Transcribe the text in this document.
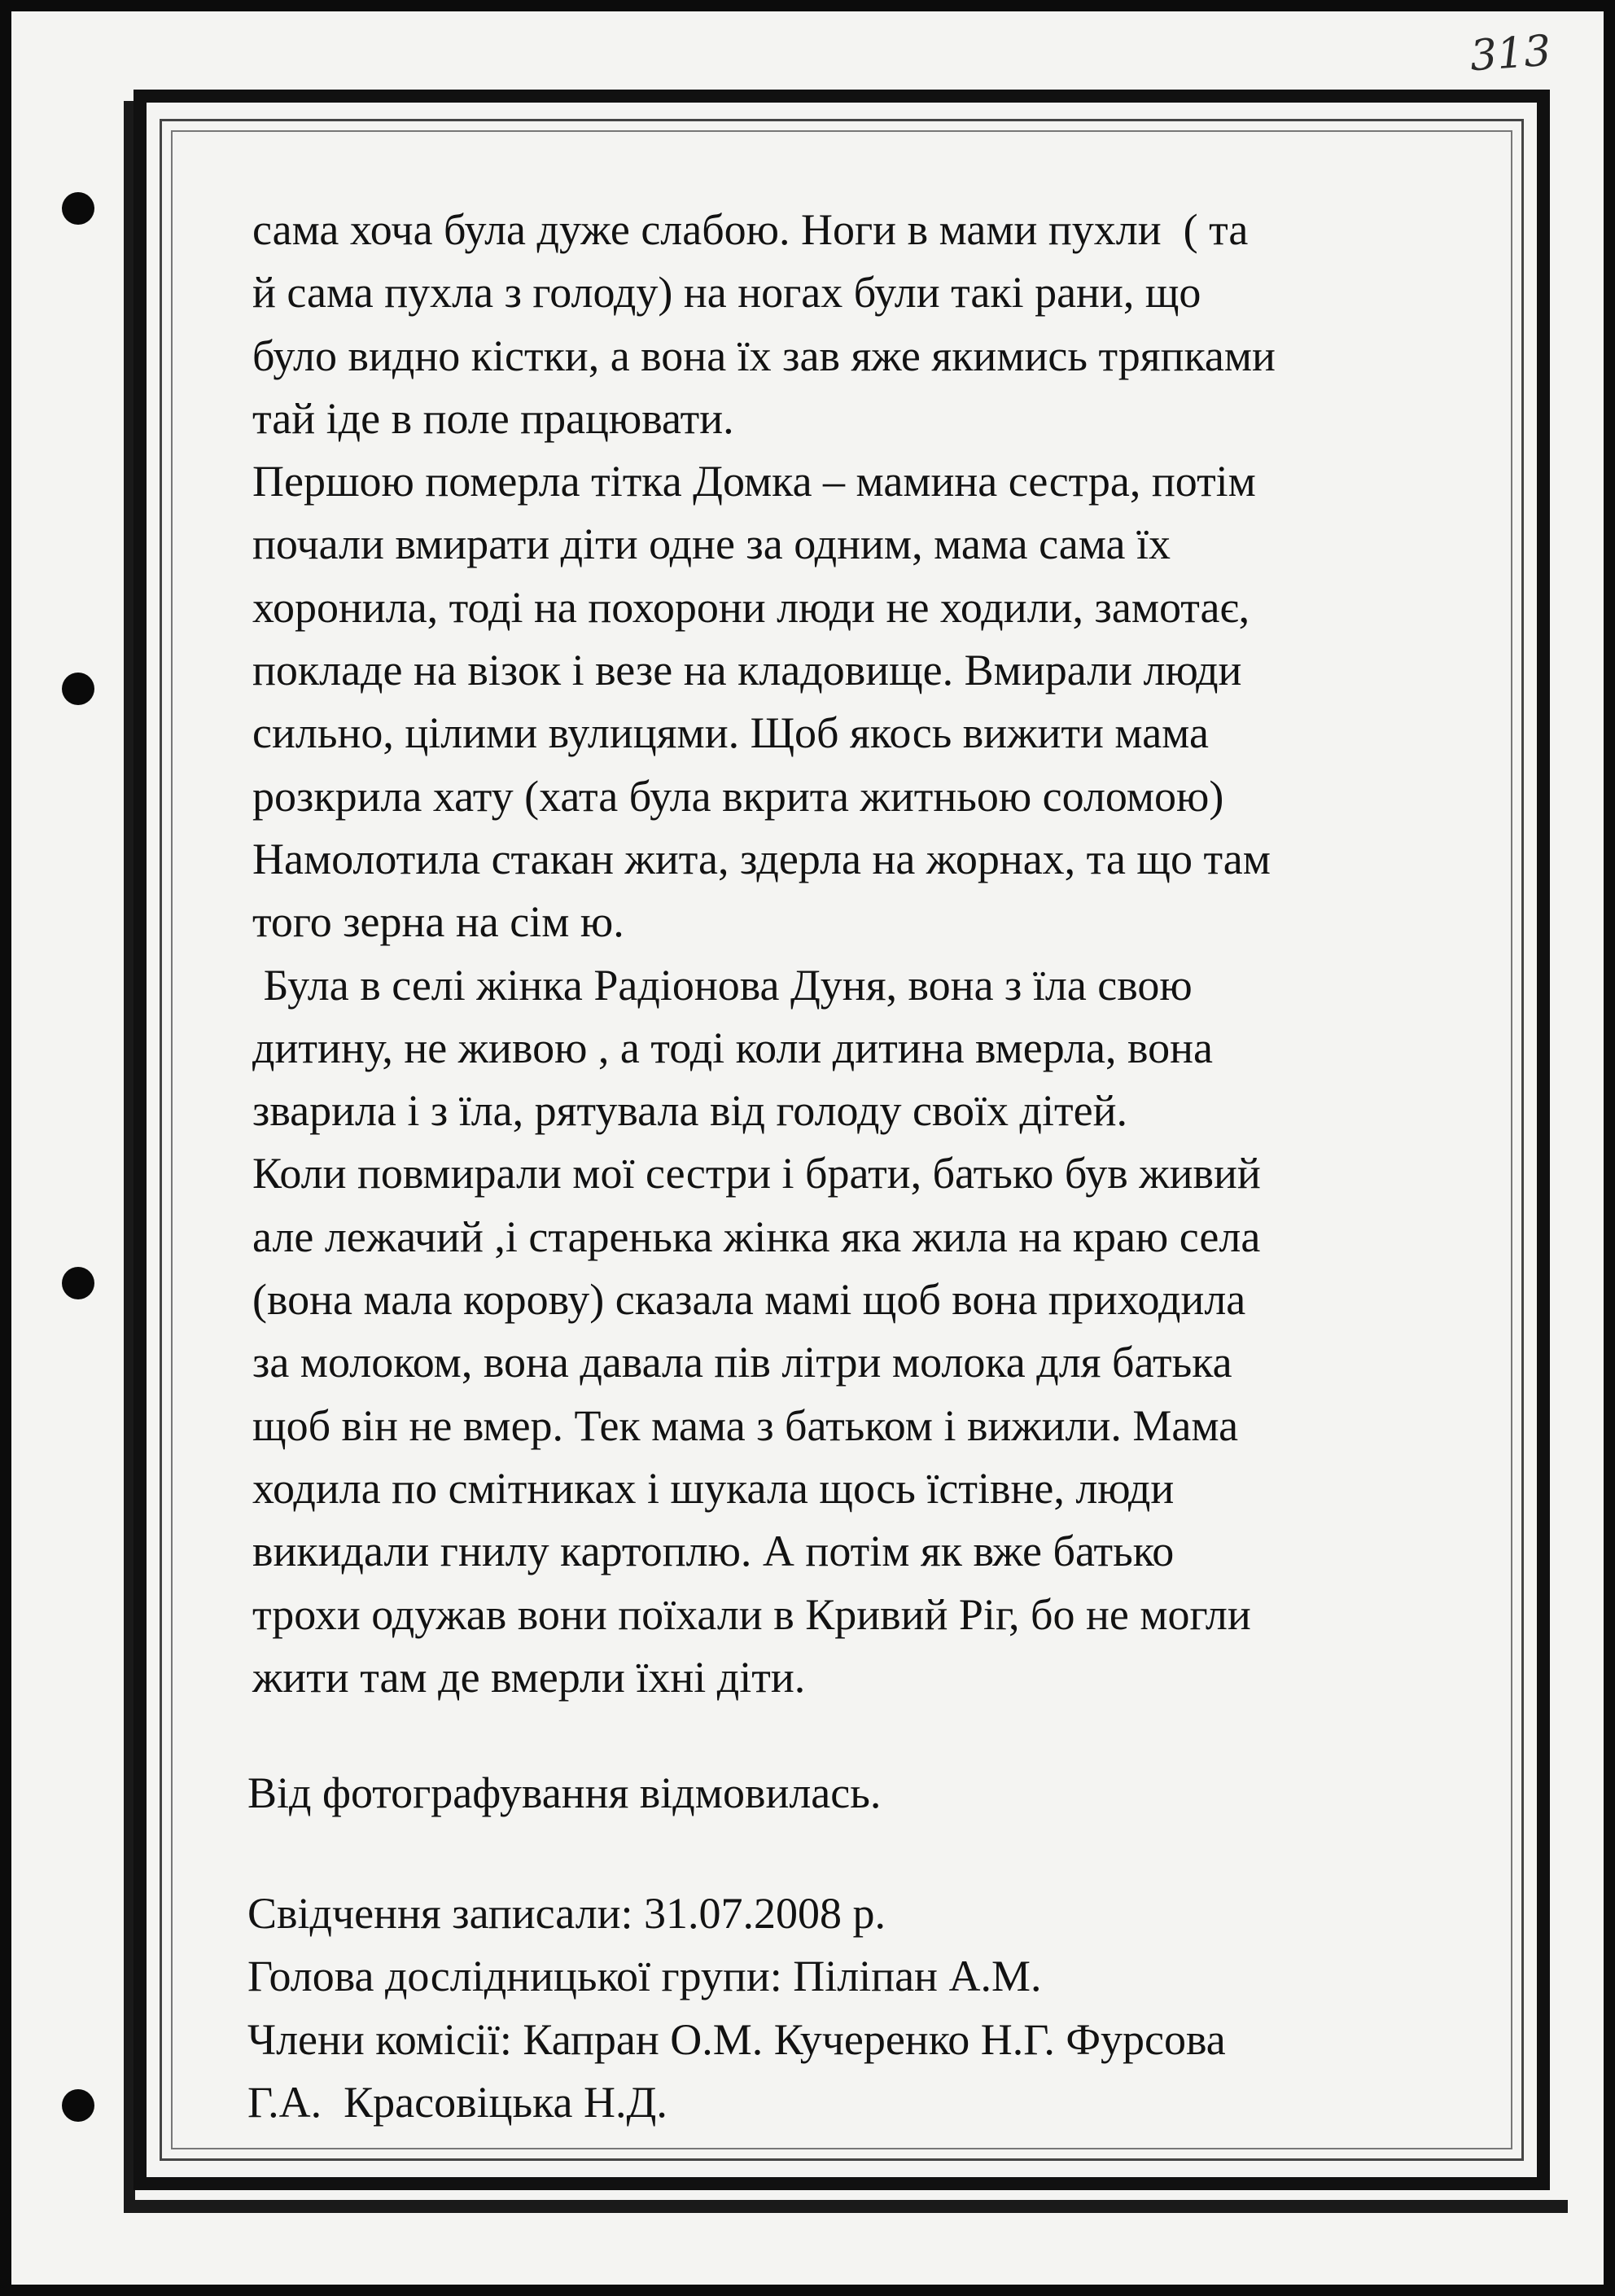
313
сама хоча була дуже слабою. Ноги в мами пухли  ( та
й сама пухла з голоду) на ногах були такі рани, що
було видно кістки, а вона їх зав яже якимись тряпками
тай іде в поле працювати.
Першою померла тітка Домка – мамина сестра, потім
почали вмирати діти одне за одним, мама сама їх
хоронила, тоді на похорони люди не ходили, замотає,
покладе на візок і везе на кладовище. Вмирали люди
сильно, цілими вулицями. Щоб якось вижити мама
розкрила хату (хата була вкрита житньою соломою)
Намолотила стакан жита, здерла на жорнах, та що там
того зерна на сім ю.
Була в селі жінка Радіонова Дуня, вона з їла свою
дитину, не живою , а тоді коли дитина вмерла, вона
зварила і з їла, рятувала від голоду своїх дітей.
Коли повмирали мої сестри і брати, батько був живий
але лежачий ,і старенька жінка яка жила на краю села
(вона мала корову) сказала мамі щоб вона приходила
за молоком, вона давала пів літри молока для батька
щоб він не вмер. Тек мама з батьком і вижили. Мама
ходила по смітниках і шукала щось їстівне, люди
викидали гнилу картоплю. А потім як вже батько
трохи одужав вони поїхали в Кривий Ріг, бо не могли
жити там де вмерли їхні діти.
Від фотографування відмовилась.
Свідчення записали: 31.07.2008 р.
Голова дослідницької групи: Піліпан А.М.
Члени комісії: Капран О.М. Кучеренко Н.Г. Фурсова
Г.А.  Красовіцька Н.Д.
